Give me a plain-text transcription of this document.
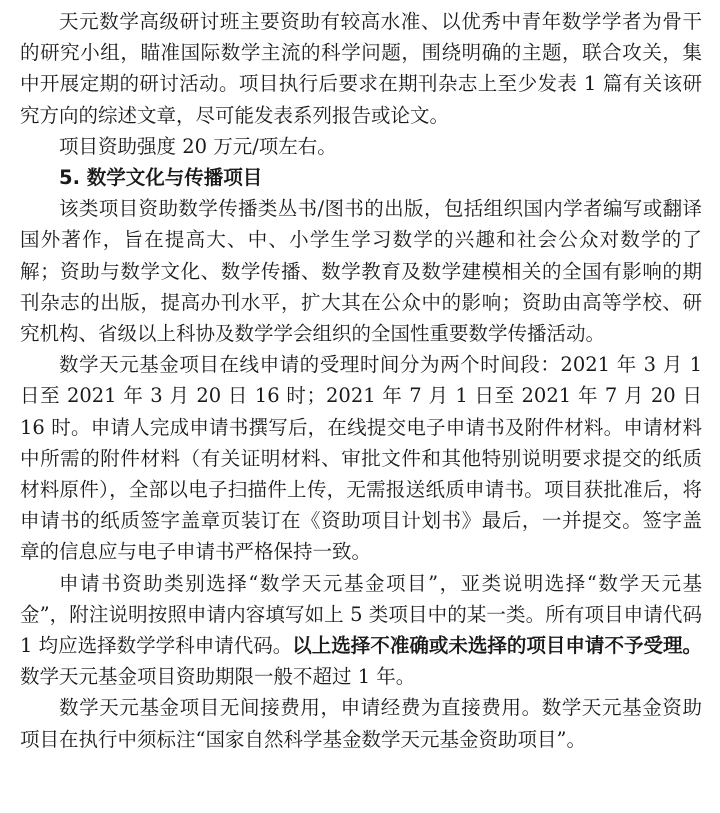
天元数学高级研讨班主要资助有较高水准、以优秀中青年数学学者为骨干的研究小组，瞄准国际数学主流的科学问题，围绕明确的主题，联合攻关，集中开展定期的研讨活动。项目执行后要求在期刊杂志上至少发表 1 篇有关该研究方向的综述文章，尽可能发表系列报告或论文。

项目资助强度 20 万元/项左右。

5. 数学文化与传播项目

该类项目资助数学传播类丛书/图书的出版，包括组织国内学者编写或翻译国外著作，旨在提高大、中、小学生学习数学的兴趣和社会公众对数学的了解；资助与数学文化、数学传播、数学教育及数学建模相关的全国有影响的期刊杂志的出版，提高办刊水平，扩大其在公众中的影响；资助由高等学校、研究机构、省级以上科协及数学学会组织的全国性重要数学传播活动。

数学天元基金项目在线申请的受理时间分为两个时间段：2021 年 3 月 1 日至 2021 年 3 月 20 日 16 时；2021 年 7 月 1 日至 2021 年 7 月 20 日 16 时。申请人完成申请书撰写后，在线提交电子申请书及附件材料。申请材料中所需的附件材料（有关证明材料、审批文件和其他特别说明要求提交的纸质材料原件），全部以电子扫描件上传，无需报送纸质申请书。项目获批准后，将申请书的纸质签字盖章页装订在《资助项目计划书》最后，一并提交。签字盖章的信息应与电子申请书严格保持一致。

申请书资助类别选择“数学天元基金项目”，亚类说明选择“数学天元基金”，附注说明按照申请内容填写如上 5 类项目中的某一类。所有项目申请代码 1 均应选择数学学科申请代码。以上选择不准确或未选择的项目申请不予受理。数学天元基金项目资助期限一般不超过 1 年。

数学天元基金项目无间接费用，申请经费为直接费用。数学天元基金资助项目在执行中须标注“国家自然科学基金数学天元基金资助项目”。
